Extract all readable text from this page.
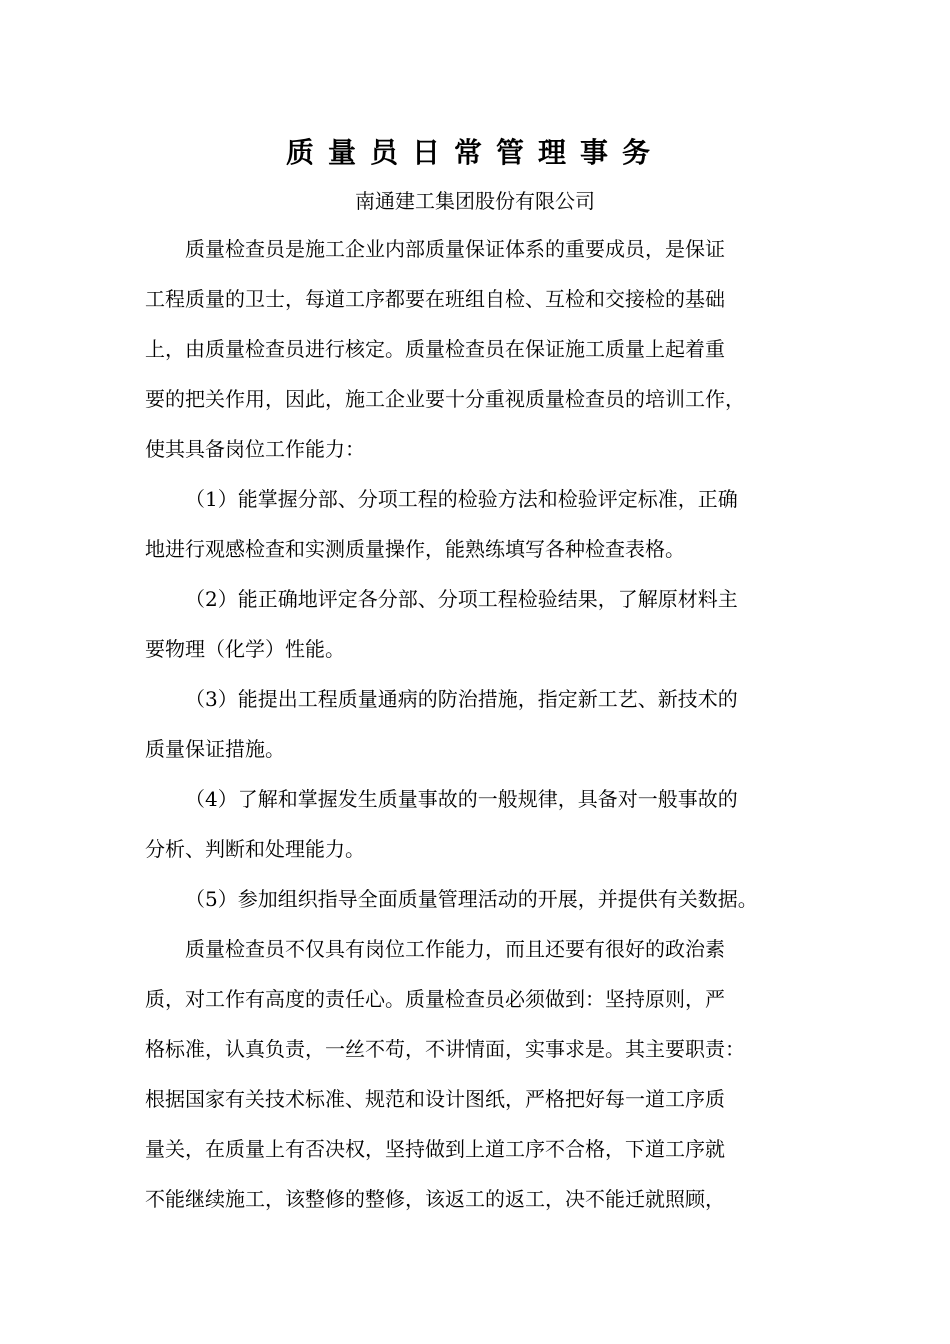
质量员日常管理事务
南通建工集团股份有限公司
质量检查员是施工企业内部质量保证体系的重要成员，是保证
工程质量的卫士，每道工序都要在班组自检、互检和交接检的基础
上，由质量检查员进行核定。质量检查员在保证施工质量上起着重
要的把关作用，因此，施工企业要十分重视质量检查员的培训工作，
使其具备岗位工作能力：
（1）能掌握分部、分项工程的检验方法和检验评定标准，正确
地进行观感检查和实测质量操作，能熟练填写各种检查表格。
（2）能正确地评定各分部、分项工程检验结果，了解原材料主
要物理（化学）性能。
（3）能提出工程质量通病的防治措施，指定新工艺、新技术的
质量保证措施。
（4）了解和掌握发生质量事故的一般规律，具备对一般事故的
分析、判断和处理能力。
（5）参加组织指导全面质量管理活动的开展，并提供有关数据。
质量检查员不仅具有岗位工作能力，而且还要有很好的政治素
质，对工作有高度的责任心。质量检查员必须做到：坚持原则，严
格标准，认真负责，一丝不苟，不讲情面，实事求是。其主要职责：
根据国家有关技术标准、规范和设计图纸，严格把好每一道工序质
量关，在质量上有否决权，坚持做到上道工序不合格，下道工序就
不能继续施工，该整修的整修，该返工的返工，决不能迁就照顾，
